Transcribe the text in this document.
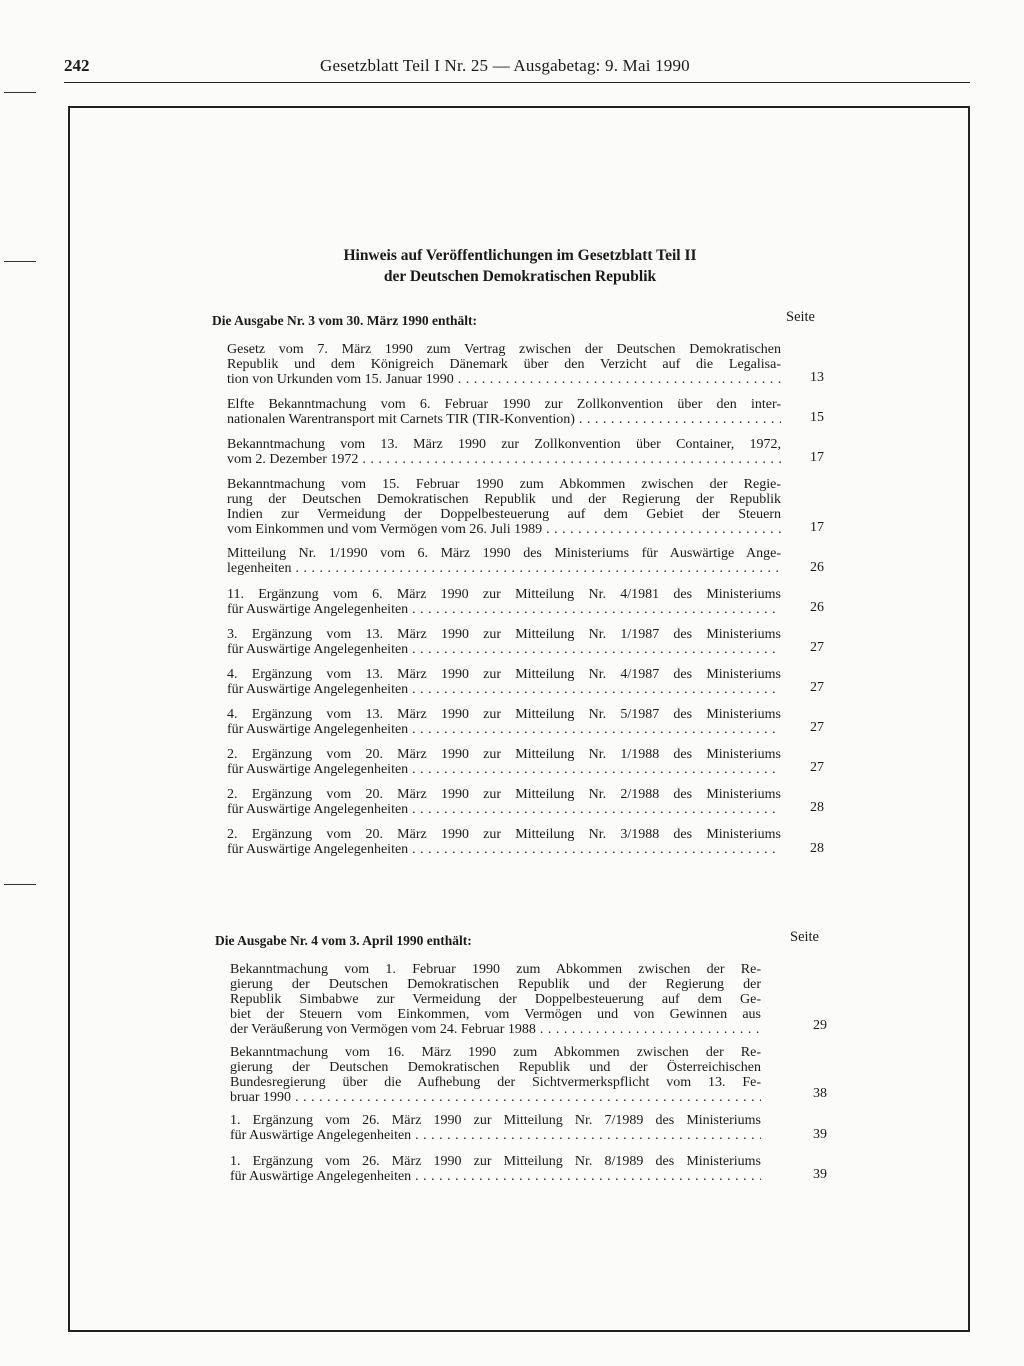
242	Gesetzblatt Teil I Nr. 25 — Ausgabetag: 9. Mai 1990
Hinweis auf Veröffentlichungen im Gesetzblatt Teil II
der Deutschen Demokratischen Republik
Die Ausgabe Nr. 3 vom 30. März 1990 enthält:	Seite
Gesetz vom 7. März 1990 zum Vertrag zwischen der Deutschen Demokratischen
Republik und dem Königreich Dänemark über den Verzicht auf die Legalisa-
tion von Urkunden vom 15. Januar 1990 . . .	13
Elfte Bekanntmachung vom 6. Februar 1990 zur Zollkonvention über den inter-
nationalen Warentransport mit Carnets TIR (TIR-Konvention) . . .	15
Bekanntmachung vom 13. März 1990 zur Zollkonvention über Container, 1972,
vom 2. Dezember 1972 . . .	17
Bekanntmachung vom 15. Februar 1990 zum Abkommen zwischen der Regie-
rung der Deutschen Demokratischen Republik und der Regierung der Republik
Indien zur Vermeidung der Doppelbesteuerung auf dem Gebiet der Steuern
vom Einkommen und vom Vermögen vom 26. Juli 1989 . . .	17
Mitteilung Nr. 1/1990 vom 6. März 1990 des Ministeriums für Auswärtige Ange-
legenheiten . . .	26
11. Ergänzung vom 6. März 1990 zur Mitteilung Nr. 4/1981 des Ministeriums
für Auswärtige Angelegenheiten . . .	26
3. Ergänzung vom 13. März 1990 zur Mitteilung Nr. 1/1987 des Ministeriums
für Auswärtige Angelegenheiten . . .	27
4. Ergänzung vom 13. März 1990 zur Mitteilung Nr. 4/1987 des Ministeriums
für Auswärtige Angelegenheiten . . .	27
4. Ergänzung vom 13. März 1990 zur Mitteilung Nr. 5/1987 des Ministeriums
für Auswärtige Angelegenheiten . . .	27
2. Ergänzung vom 20. März 1990 zur Mitteilung Nr. 1/1988 des Ministeriums
für Auswärtige Angelegenheiten . . .	27
2. Ergänzung vom 20. März 1990 zur Mitteilung Nr. 2/1988 des Ministeriums
für Auswärtige Angelegenheiten . . .	28
2. Ergänzung vom 20. März 1990 zur Mitteilung Nr. 3/1988 des Ministeriums
für Auswärtige Angelegenheiten . . .	28
Die Ausgabe Nr. 4 vom 3. April 1990 enthält:	Seite
Bekanntmachung vom 1. Februar 1990 zum Abkommen zwischen der Re-
gierung der Deutschen Demokratischen Republik und der Regierung der
Republik Simbabwe zur Vermeidung der Doppelbesteuerung auf dem Ge-
biet der Steuern vom Einkommen, vom Vermögen und von Gewinnen aus
der Veräußerung von Vermögen vom 24. Februar 1988 . . .	29
Bekanntmachung vom 16. März 1990 zum Abkommen zwischen der Re-
gierung der Deutschen Demokratischen Republik und der Österreichischen
Bundesregierung über die Aufhebung der Sichtvermerkspflicht vom 13. Fe-
bruar 1990 . . .	38
1. Ergänzung vom 26. März 1990 zur Mitteilung Nr. 7/1989 des Ministeriums
für Auswärtige Angelegenheiten . . .	39
1. Ergänzung vom 26. März 1990 zur Mitteilung Nr. 8/1989 des Ministeriums
für Auswärtige Angelegenheiten . . .	39
